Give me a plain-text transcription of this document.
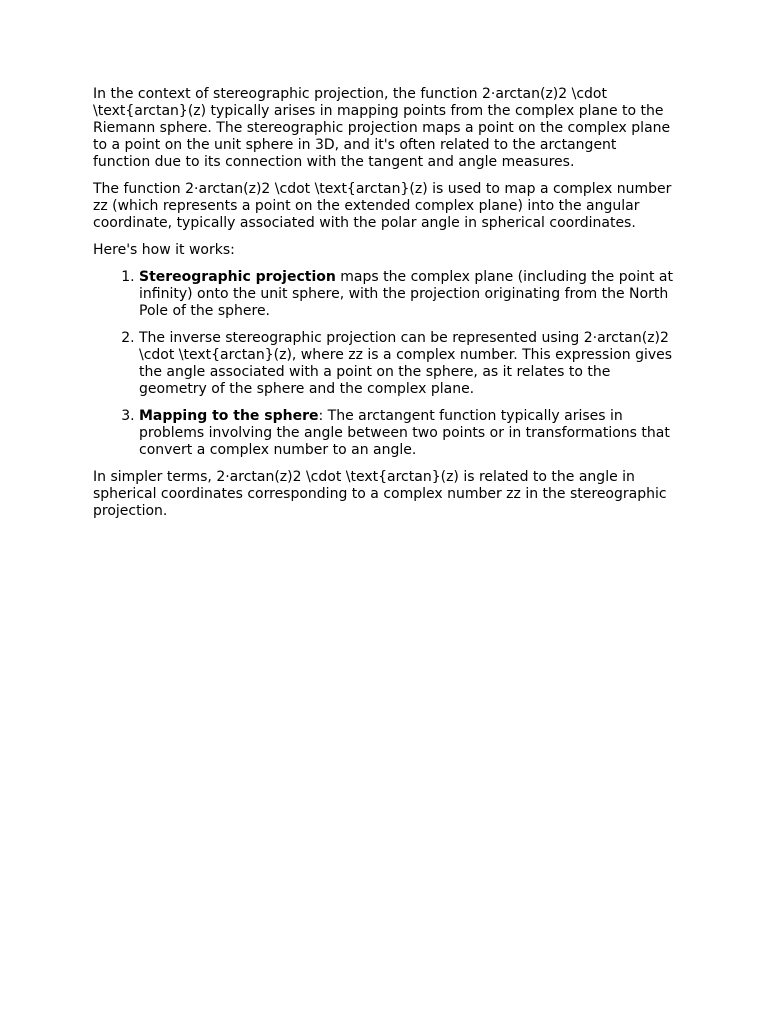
In the context of stereographic projection, the function 2·arctan(z)2 \cdot \text{arctan}(z) typically arises in mapping points from the complex plane to the Riemann sphere. The stereographic projection maps a point on the complex plane to a point on the unit sphere in 3D, and it's often related to the arctangent function due to its connection with the tangent and angle measures.

The function 2·arctan(z)2 \cdot \text{arctan}(z) is used to map a complex number zz (which represents a point on the extended complex plane) into the angular coordinate, typically associated with the polar angle in spherical coordinates.

Here's how it works:

1. Stereographic projection maps the complex plane (including the point at infinity) onto the unit sphere, with the projection originating from the North Pole of the sphere.
2. The inverse stereographic projection can be represented using 2·arctan(z)2 \cdot \text{arctan}(z), where zz is a complex number. This expression gives the angle associated with a point on the sphere, as it relates to the geometry of the sphere and the complex plane.
3. Mapping to the sphere: The arctangent function typically arises in problems involving the angle between two points or in transformations that convert a complex number to an angle.

In simpler terms, 2·arctan(z)2 \cdot \text{arctan}(z) is related to the angle in spherical coordinates corresponding to a complex number zz in the stereographic projection.
